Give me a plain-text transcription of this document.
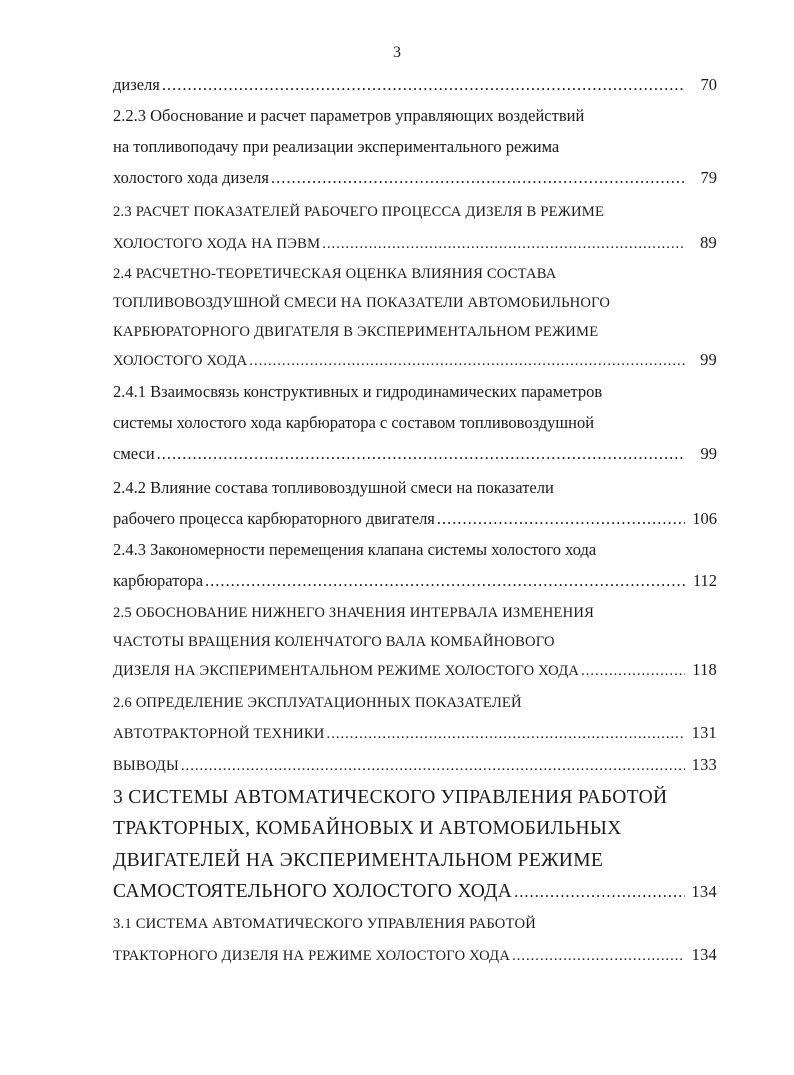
3
дизеля .....	70
2.2.3 Обоснование и расчет параметров управляющих воздействий
на топливоподачу при реализации экспериментального режима
холостого хода дизеля .....	79
2.3 РАСЧЕТ ПОКАЗАТЕЛЕЙ РАБОЧЕГО ПРОЦЕССА ДИЗЕЛЯ В РЕЖИМЕ
ХОЛОСТОГО ХОДА НА ПЭВМ .....	89
2.4 РАСЧЕТНО-ТЕОРЕТИЧЕСКАЯ ОЦЕНКА ВЛИЯНИЯ СОСТАВА
ТОПЛИВОВОЗДУШНОЙ СМЕСИ НА ПОКАЗАТЕЛИ АВТОМОБИЛЬНОГО
КАРБЮРАТОРНОГО ДВИГАТЕЛЯ В ЭКСПЕРИМЕНТАЛЬНОМ РЕЖИМЕ
ХОЛОСТОГО ХОДА .....	99
2.4.1 Взаимосвязь конструктивных и гидродинамических параметров
системы холостого хода карбюратора с составом топливовоздушной
смеси .....	99
2.4.2 Влияние состава топливовоздушной смеси на показатели
рабочего процесса карбюраторного двигателя .....	106
2.4.3 Закономерности перемещения клапана системы холостого хода
карбюратора .....	112
2.5 ОБОСНОВАНИЕ НИЖНЕГО ЗНАЧЕНИЯ ИНТЕРВАЛА ИЗМЕНЕНИЯ
ЧАСТОТЫ ВРАЩЕНИЯ КОЛЕНЧАТОГО ВАЛА КОМБАЙНОВОГО
ДИЗЕЛЯ НА ЭКСПЕРИМЕНТАЛЬНОМ РЕЖИМЕ ХОЛОСТОГО ХОДА .....	118
2.6 ОПРЕДЕЛЕНИЕ ЭКСПЛУАТАЦИОННЫХ ПОКАЗАТЕЛЕЙ
АВТОТРАКТОРНОЙ ТЕХНИКИ .....	131
ВЫВОДЫ .....	133
3 СИСТЕМЫ АВТОМАТИЧЕСКОГО УПРАВЛЕНИЯ РАБОТОЙ
ТРАКТОРНЫХ, КОМБАЙНОВЫХ И АВТОМОБИЛЬНЫХ
ДВИГАТЕЛЕЙ НА ЭКСПЕРИМЕНТАЛЬНОМ РЕЖИМЕ
САМОСТОЯТЕЛЬНОГО ХОЛОСТОГО ХОДА .....	134
3.1 СИСТЕМА АВТОМАТИЧЕСКОГО УПРАВЛЕНИЯ РАБОТОЙ
ТРАКТОРНОГО ДИЗЕЛЯ НА РЕЖИМЕ ХОЛОСТОГО ХОДА .....	134
